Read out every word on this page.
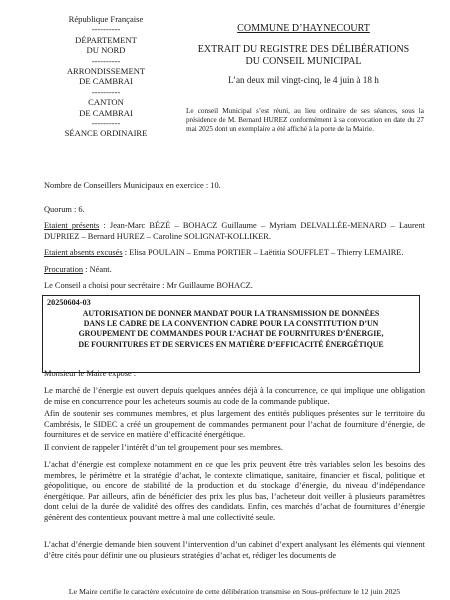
République Française
----------
DÉPARTEMENT
DU NORD
----------
ARRONDISSEMENT
DE CAMBRAI
----------
CANTON
DE CAMBRAI
----------
SÉANCE ORDINAIRE
COMMUNE D’HAYNECOURT
EXTRAIT DU REGISTRE DES DÉLIBÉRATIONS
DU CONSEIL MUNICIPAL
L’an deux mil vingt-cinq, le 4 juin à 18 h
Le conseil Municipal s’est réuni, au lieu ordinaire de ses séances, sous la présidence de M. Bernard HUREZ conformément à sa convocation en date du 27 mai 2025 dont un exemplaire a été affiché à la porte de la Mairie.
Nombre de Conseillers Municipaux en exercice : 10.
Quorum : 6.
Etaient présents : Jean-Marc BÉZÉ – BOHACZ Guillaume – Myriam DELVALLÉE-MENARD – Laurent DUPRIEZ – Bernard HUREZ – Caroline SOLIGNAT-KOLLIKER.
Etaient absents excusés : Elisa POULAIN – Emma PORTIER – Laëtitia SOUFFLET – Thierry LEMAIRE.
20250604-03
AUTORISATION DE DONNER MANDAT POUR LA TRANSMISSION DE DONNÉES
DANS LE CADRE DE LA CONVENTION CADRE POUR LA CONSTITUTION D’UN
GROUPEMENT DE COMMANDES POUR L’ACHAT DE FOURNITURES D’ÉNERGIE,
DE FOURNITURES ET DE SERVICES EN MATIÈRE D’EFFICACITÉ ÉNERGÉTIQUE
Monsieur le Maire expose :
Le marché de l’énergie est ouvert depuis quelques années déjà à la concurrence, ce qui implique une obligation de mise en concurrence pour les acheteurs soumis au code de la commande publique.
Afin de soutenir ses communes membres, et plus largement des entités publiques présentes sur le territoire du Cambrésis, le SIDEC a créé un groupement de commandes permanent pour l’achat de fourniture d’énergie, de fournitures et de service en matière d’efficacité énergétique.
Il convient de rappeler l’intérêt d’un tel groupement pour ses membres.
L’achat d’énergie est complexe notamment en ce que les prix peuvent être très variables selon les besoins des membres, le périmètre et la stratégie d’achat, le contexte climatique, sanitaire, financier et fiscal, politique et géopolitique, ou encore de stabilité de la production et du stockage d’énergie, du niveau d’indépendance énergétique. Par ailleurs, afin de bénéficier des prix les plus bas, l’acheteur doit veiller à plusieurs paramètres dont celui de la durée de validité des offres des candidats. Enfin, ces marchés d’achat de fournitures d’énergie génèrent des contentieux pouvant mettre à mal une collectivité seule.
L’achat d’énergie demande bien souvent l’intervention d’un cabinet d’expert analysant les éléments qui viennent d’être cités pour définir une ou plusieurs stratégies d’achat et, rédiger les documents de
Le Maire certifie le caractère exécutoire de cette délibération transmise en Sous-préfecture le 12 juin 2025
Procuration : Néant.
Le Conseil a choisi pour secrétaire : Mr Guillaume BOHACZ.
